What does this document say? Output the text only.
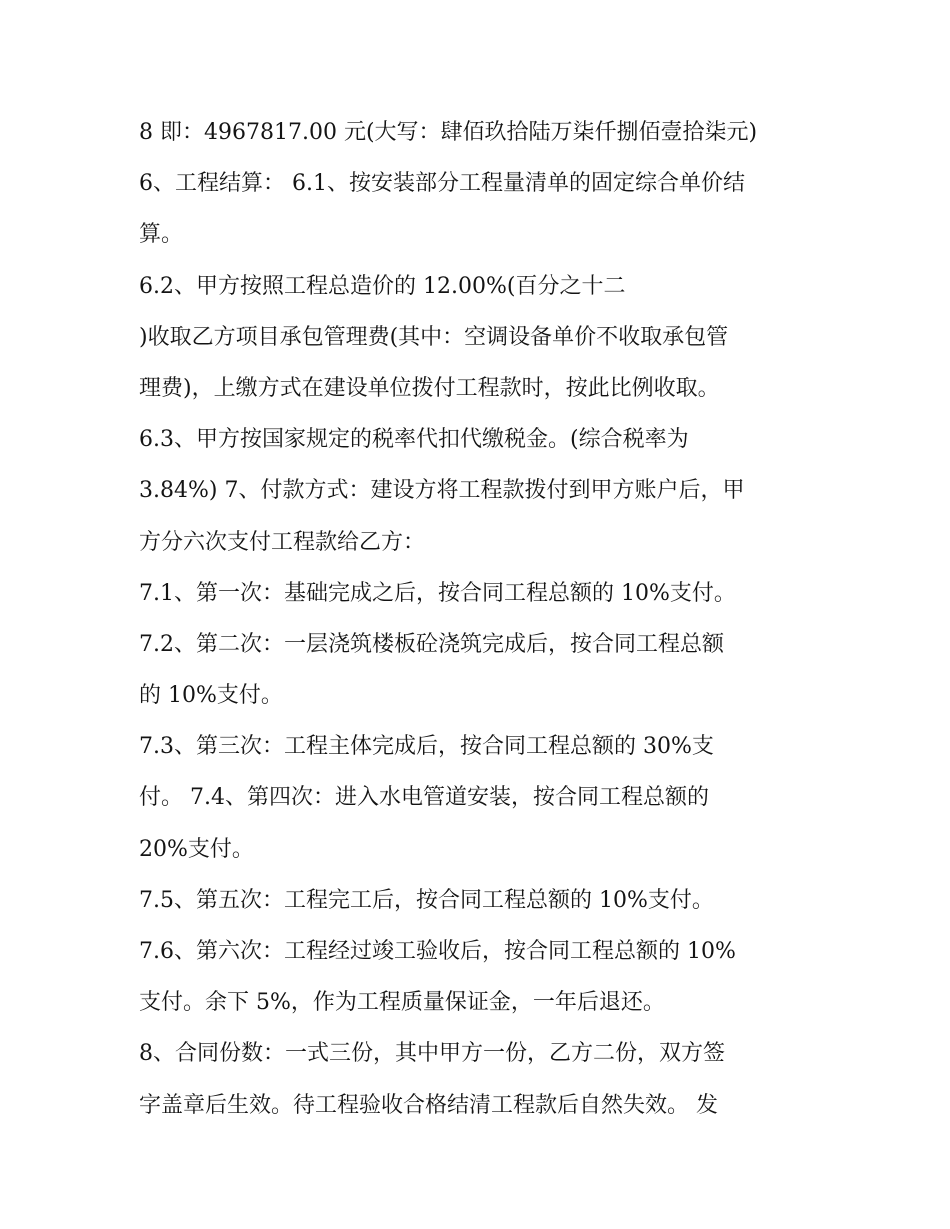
8 即：4967817.00 元(大写：肆佰玖拾陆万柒仟捌佰壹拾柒元)
6、工程结算： 6.1、按安装部分工程量清单的固定综合单价结
算。
6.2、甲方按照工程总造价的 12.00%(百分之十二
)收取乙方项目承包管理费(其中：空调设备单价不收取承包管
理费)，上缴方式在建设单位拨付工程款时，按此比例收取。
6.3、甲方按国家规定的税率代扣代缴税金。(综合税率为
3.84%) 7、付款方式：建设方将工程款拨付到甲方账户后，甲
方分六次支付工程款给乙方：
7.1、第一次：基础完成之后，按合同工程总额的 10%支付。
7.2、第二次：一层浇筑楼板砼浇筑完成后，按合同工程总额
的 10%支付。
7.3、第三次：工程主体完成后，按合同工程总额的 30%支
付。 7.4、第四次：进入水电管道安装，按合同工程总额的
20%支付。
7.5、第五次：工程完工后，按合同工程总额的 10%支付。
7.6、第六次：工程经过竣工验收后，按合同工程总额的 10%
支付。余下 5%，作为工程质量保证金，一年后退还。
8、合同份数：一式三份，其中甲方一份，乙方二份，双方签
字盖章后生效。待工程验收合格结清工程款后自然失效。 发
